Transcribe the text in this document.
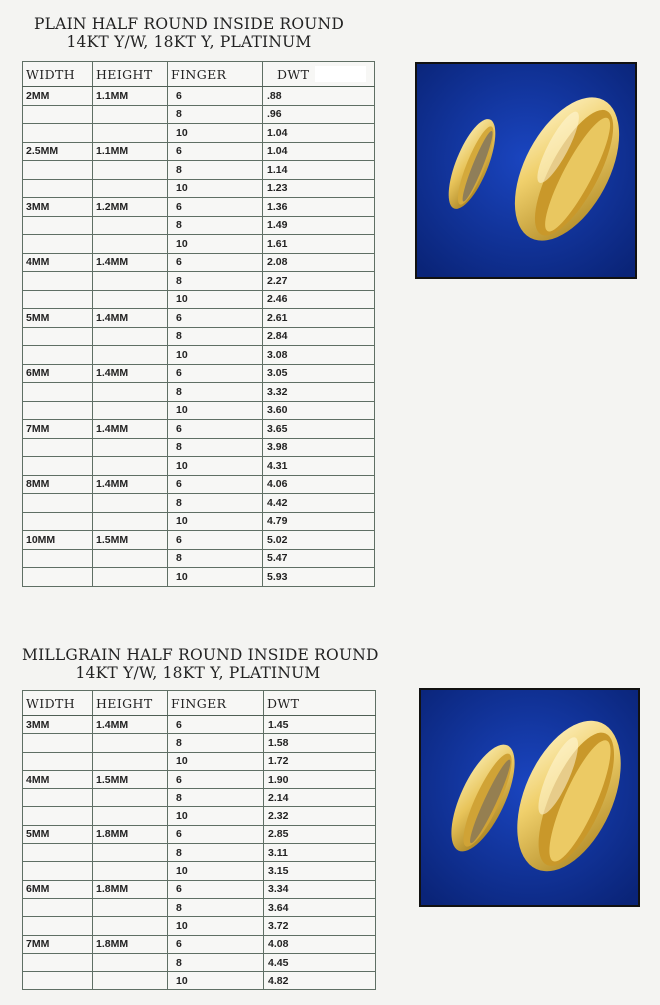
PLAIN HALF ROUND INSIDE ROUND
14KT Y/W, 18KT Y, PLATINUM
WIDTH	HEIGHT	FINGER	DWT

2MM	1.1MM	6	.88
		8	.96
		10	1.04
2.5MM	1.1MM	6	1.04
		8	1.14
		10	1.23
3MM	1.2MM	6	1.36
		8	1.49
		10	1.61
4MM	1.4MM	6	2.08
		8	2.27
		10	2.46
5MM	1.4MM	6	2.61
		8	2.84
		10	3.08
6MM	1.4MM	6	3.05
		8	3.32
		10	3.60
7MM	1.4MM	6	3.65
		8	3.98
		10	4.31
8MM	1.4MM	6	4.06
		8	4.42
		10	4.79
10MM	1.5MM	6	5.02
		8	5.47
		10	5.93
MILLGRAIN HALF ROUND INSIDE ROUND
14KT Y/W, 18KT Y, PLATINUM
WIDTH	HEIGHT	FINGER	DWT
3MM	1.4MM	6	1.45
		8	1.58
		10	1.72
4MM	1.5MM	6	1.90
		8	2.14
		10	2.32
5MM	1.8MM	6	2.85
		8	3.11
		10	3.15
6MM	1.8MM	6	3.34
		8	3.64
		10	3.72
7MM	1.8MM	6	4.08
		8	4.45
		10	4.82
